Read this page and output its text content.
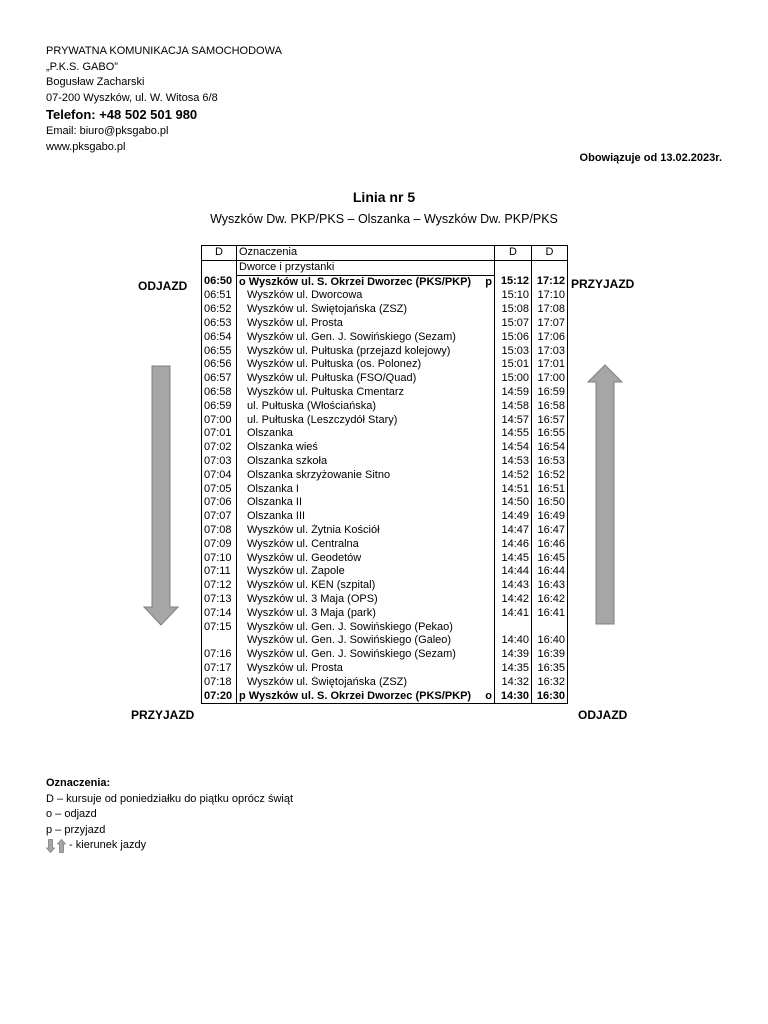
PRYWATNA KOMUNIKACJA SAMOCHODOWA
„P.K.S. GABO”
Bogusław Zacharski
07-200 Wyszków, ul. W. Witosa 6/8
Telefon: +48 502 501 980
Email: biuro@pksgabo.pl
www.pksgabo.pl
Obowiązuje od 13.02.2023r.
Linia nr 5
Wyszków Dw. PKP/PKS – Olszanka – Wyszków Dw. PKP/PKS
D	Oznaczenia	D	D
	Dworce i przystanki		
06:50	o Wyszków ul. S. Okrzei Dworzec (PKS/PKP) p	15:12	17:12
06:51	Wyszków ul. Dworcowa	15:10	17:10
06:52	Wyszków ul. Świętojańska (ZSZ)	15:08	17:08
06:53	Wyszków ul. Prosta	15:07	17:07
06:54	Wyszków ul. Gen. J. Sowińskiego (Sezam)	15:06	17:06
06:55	Wyszków ul. Pułtuska (przejazd kolejowy)	15:03	17:03
06:56	Wyszków ul. Pułtuska (os. Polonez)	15:01	17:01
06:57	Wyszków ul. Pułtuska (FSO/Quad)	15:00	17:00
06:58	Wyszków ul. Pułtuska Cmentarz	14:59	16:59
06:59	ul. Pułtuska (Włościańska)	14:58	16:58
07:00	ul. Pułtuska (Leszczydół Stary)	14:57	16:57
07:01	Olszanka	14:55	16:55
07:02	Olszanka wieś	14:54	16:54
07:03	Olszanka szkoła	14:53	16:53
07:04	Olszanka skrzyżowanie Sitno	14:52	16:52
07:05	Olszanka I	14:51	16:51
07:06	Olszanka II	14:50	16:50
07:07	Olszanka III	14:49	16:49
07:08	Wyszków ul. Żytnia Kościół	14:47	16:47
07:09	Wyszków ul. Centralna	14:46	16:46
07:10	Wyszków ul. Geodetów	14:45	16:45
07:11	Wyszków ul. Zapole	14:44	16:44
07:12	Wyszków ul. KEN (szpital)	14:43	16:43
07:13	Wyszków ul. 3 Maja (OPS)	14:42	16:42
07:14	Wyszków ul. 3 Maja (park)	14:41	16:41
07:15	Wyszków ul. Gen. J. Sowińskiego (Pekao)		

	Wyszków ul. Gen. J. Sowińskiego (Galeo)	14:40	16:40
07:16	Wyszków ul. Gen. J. Sowińskiego (Sezam)	14:39	16:39
07:17	Wyszków ul. Prosta	14:35	16:35
07:18	Wyszków ul. Świętojańska (ZSZ)	14:32	16:32
07:20	p Wyszków ul. S. Okrzei Dworzec (PKS/PKP) o	14:30	16:30
ODJAZD
PRZYJAZD
PRZYJAZD
ODJAZD
Oznaczenia:
D – kursuje od poniedziałku do piątku oprócz świąt
o – odjazd
p – przyjazd
- kierunek jazdy
